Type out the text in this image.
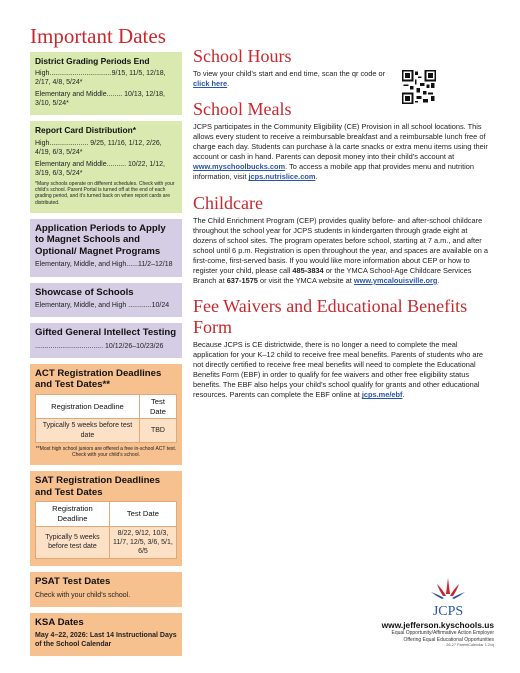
Important Dates
District Grading Periods End

High................................9/15, 11/5, 12/18, 2/17, 4/8, 5/24*

Elementary and Middle........ 10/13, 12/18, 3/10, 5/24*

Report Card Distribution*

High.................... 9/25, 11/16, 1/12, 2/26, 4/19, 6/3, 5/24*

Elementary and Middle.......... 10/22, 1/12, 3/19, 6/3, 5/24*

*Many schools operate on different schedules. Check with your child’s school. Parent Portal is turned off at the end of each grading period, and it’s turned back on when report cards are distributed.

Application Periods to Apply to Magnet Schools and Optional/ Magnet Programs

Elementary, Middle, and High......11/2–12/18

Showcase of Schools

Elementary, Middle, and High ............10/24

Gifted General Intellect Testing

................................... 10/12/26–10/23/26

ACT Registration Deadlines and Test Dates**
Registration Deadline	Test Date
Typically 5 weeks before test date	TBD

**Most high school juniors are offered a free in-school ACT test. Check with your child’s school.

SAT Registration Deadlines and Test Dates
Registration Deadline	Test Date
Typically 5 weeks before test date	8/22, 9/12, 10/3, 11/7, 12/5, 3/6, 5/1, 6/5
PSAT Test Dates

Check with your child’s school.

KSA Dates

May 4–22, 2026: Last 14 Instructional Days of the School Calendar

School Hours

To view your child’s start and end time, scan the qr code or click here.

School Meals

JCPS participates in the Community Eligibility (CE) Provision in all school locations. This allows every student to receive a reimbursable breakfast and a reimbursable lunch free of charge each day. Students can purchase à la carte snacks or extra menu items using their account or cash in hand. Parents can deposit money into their child’s account at www.myschoolbucks.com. To access a mobile app that provides menu and nutrition information, visit jcps.nutrislice.com.

Childcare

The Child Enrichment Program (CEP) provides quality before- and after-school childcare throughout the school year for JCPS students in kindergarten through grade eight at dozens of school sites. The program operates before school, starting at 7 a.m., and after school until 6 p.m. Registration is open throughout the year, and spaces are available on a first-come, first-served basis. If you would like more information about CEP or how to register your child, please call 485-3834 or the YMCA School-Age Childcare Services Branch at 637-1575 or visit the YMCA website at www.ymcalouisville.org.

Fee Waivers and Educational Benefits Form

Because JCPS is CE districtwide, there is no longer a need to complete the meal application for your K–12 child to receive free meal benefits. Parents of students who are not directly certified to receive free meal benefits will need to complete the Educational Benefits Form (EBF) in order to qualify for fee waivers and other free eligibility status benefits. The EBF also helps your child’s school qualify for grants and other educational resources. Parents can complete the EBF online at jcps.me/ebf.

JCPS
www.jefferson.kyschools.us
Equal Opportunity/Affirmative Action Employer
Offering Equal Educational Opportunities
26-27 ParentCalendar 1.2xq
